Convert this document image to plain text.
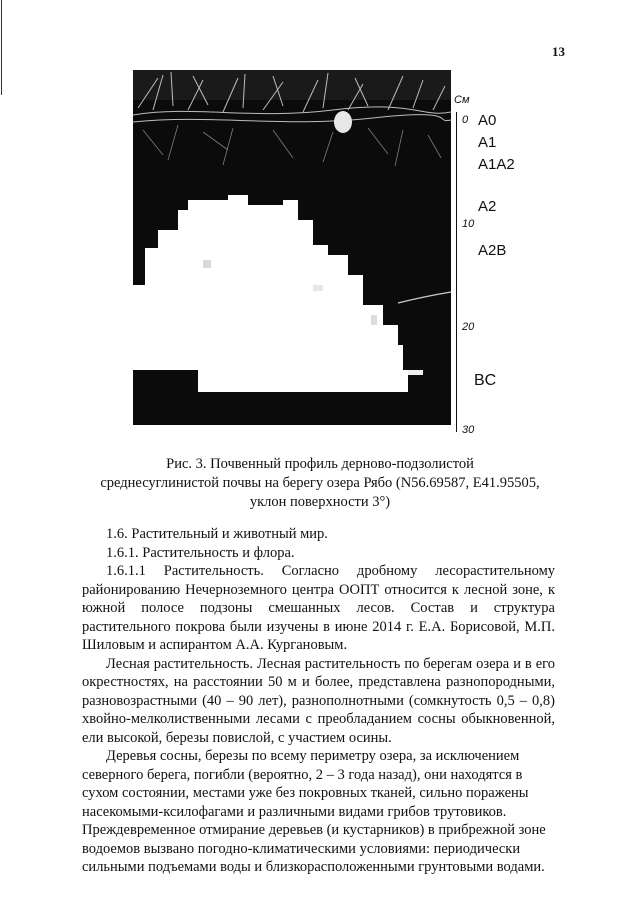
13
См
0
10
20
30
A0
A1
A1A2
A2
A2B
BC
Рис. 3. Почвенный профиль дерново-подзолистой
среднесуглинистой почвы на берегу озера Рябо (N56.69587, E41.95505,
уклон поверхности 3°)

1.6. Растительный и животный мир.

1.6.1. Растительность и флора.

1.6.1.1 Растительность. Согласно дробному лесорастительному районированию Нечерноземного центра ООПТ относится к лесной зоне, к южной полосе подзоны смешанных лесов. Состав и структура растительного покрова были изучены в июне 2014 г. Е.А. Борисовой, М.П. Шиловым и аспирантом А.А. Кургановым.

Лесная растительность. Лесная растительность по берегам озера и в его окрестностях, на расстоянии 50 м и более, представлена разнопородными, разновозрастными (40 – 90 лет), разнополнотными (сомкнутость 0,5 – 0,8) хвойно-мелколиственными лесами с преобладанием сосны обыкновенной, ели высокой, березы повислой, с участием осины.

Деревья сосны, березы по всему периметру озера, за исключением северного берега, погибли (вероятно, 2 – 3 года назад), они находятся в сухом состоянии, местами уже без покровных тканей, сильно поражены насекомыми-ксилофагами и различными видами грибов трутовиков. Преждевременное отмирание деревьев (и кустарников) в прибрежной зоне водоемов вызвано погодно-климатическими условиями: периодически сильными подъемами воды и близкорасположенными грунтовыми водами.
